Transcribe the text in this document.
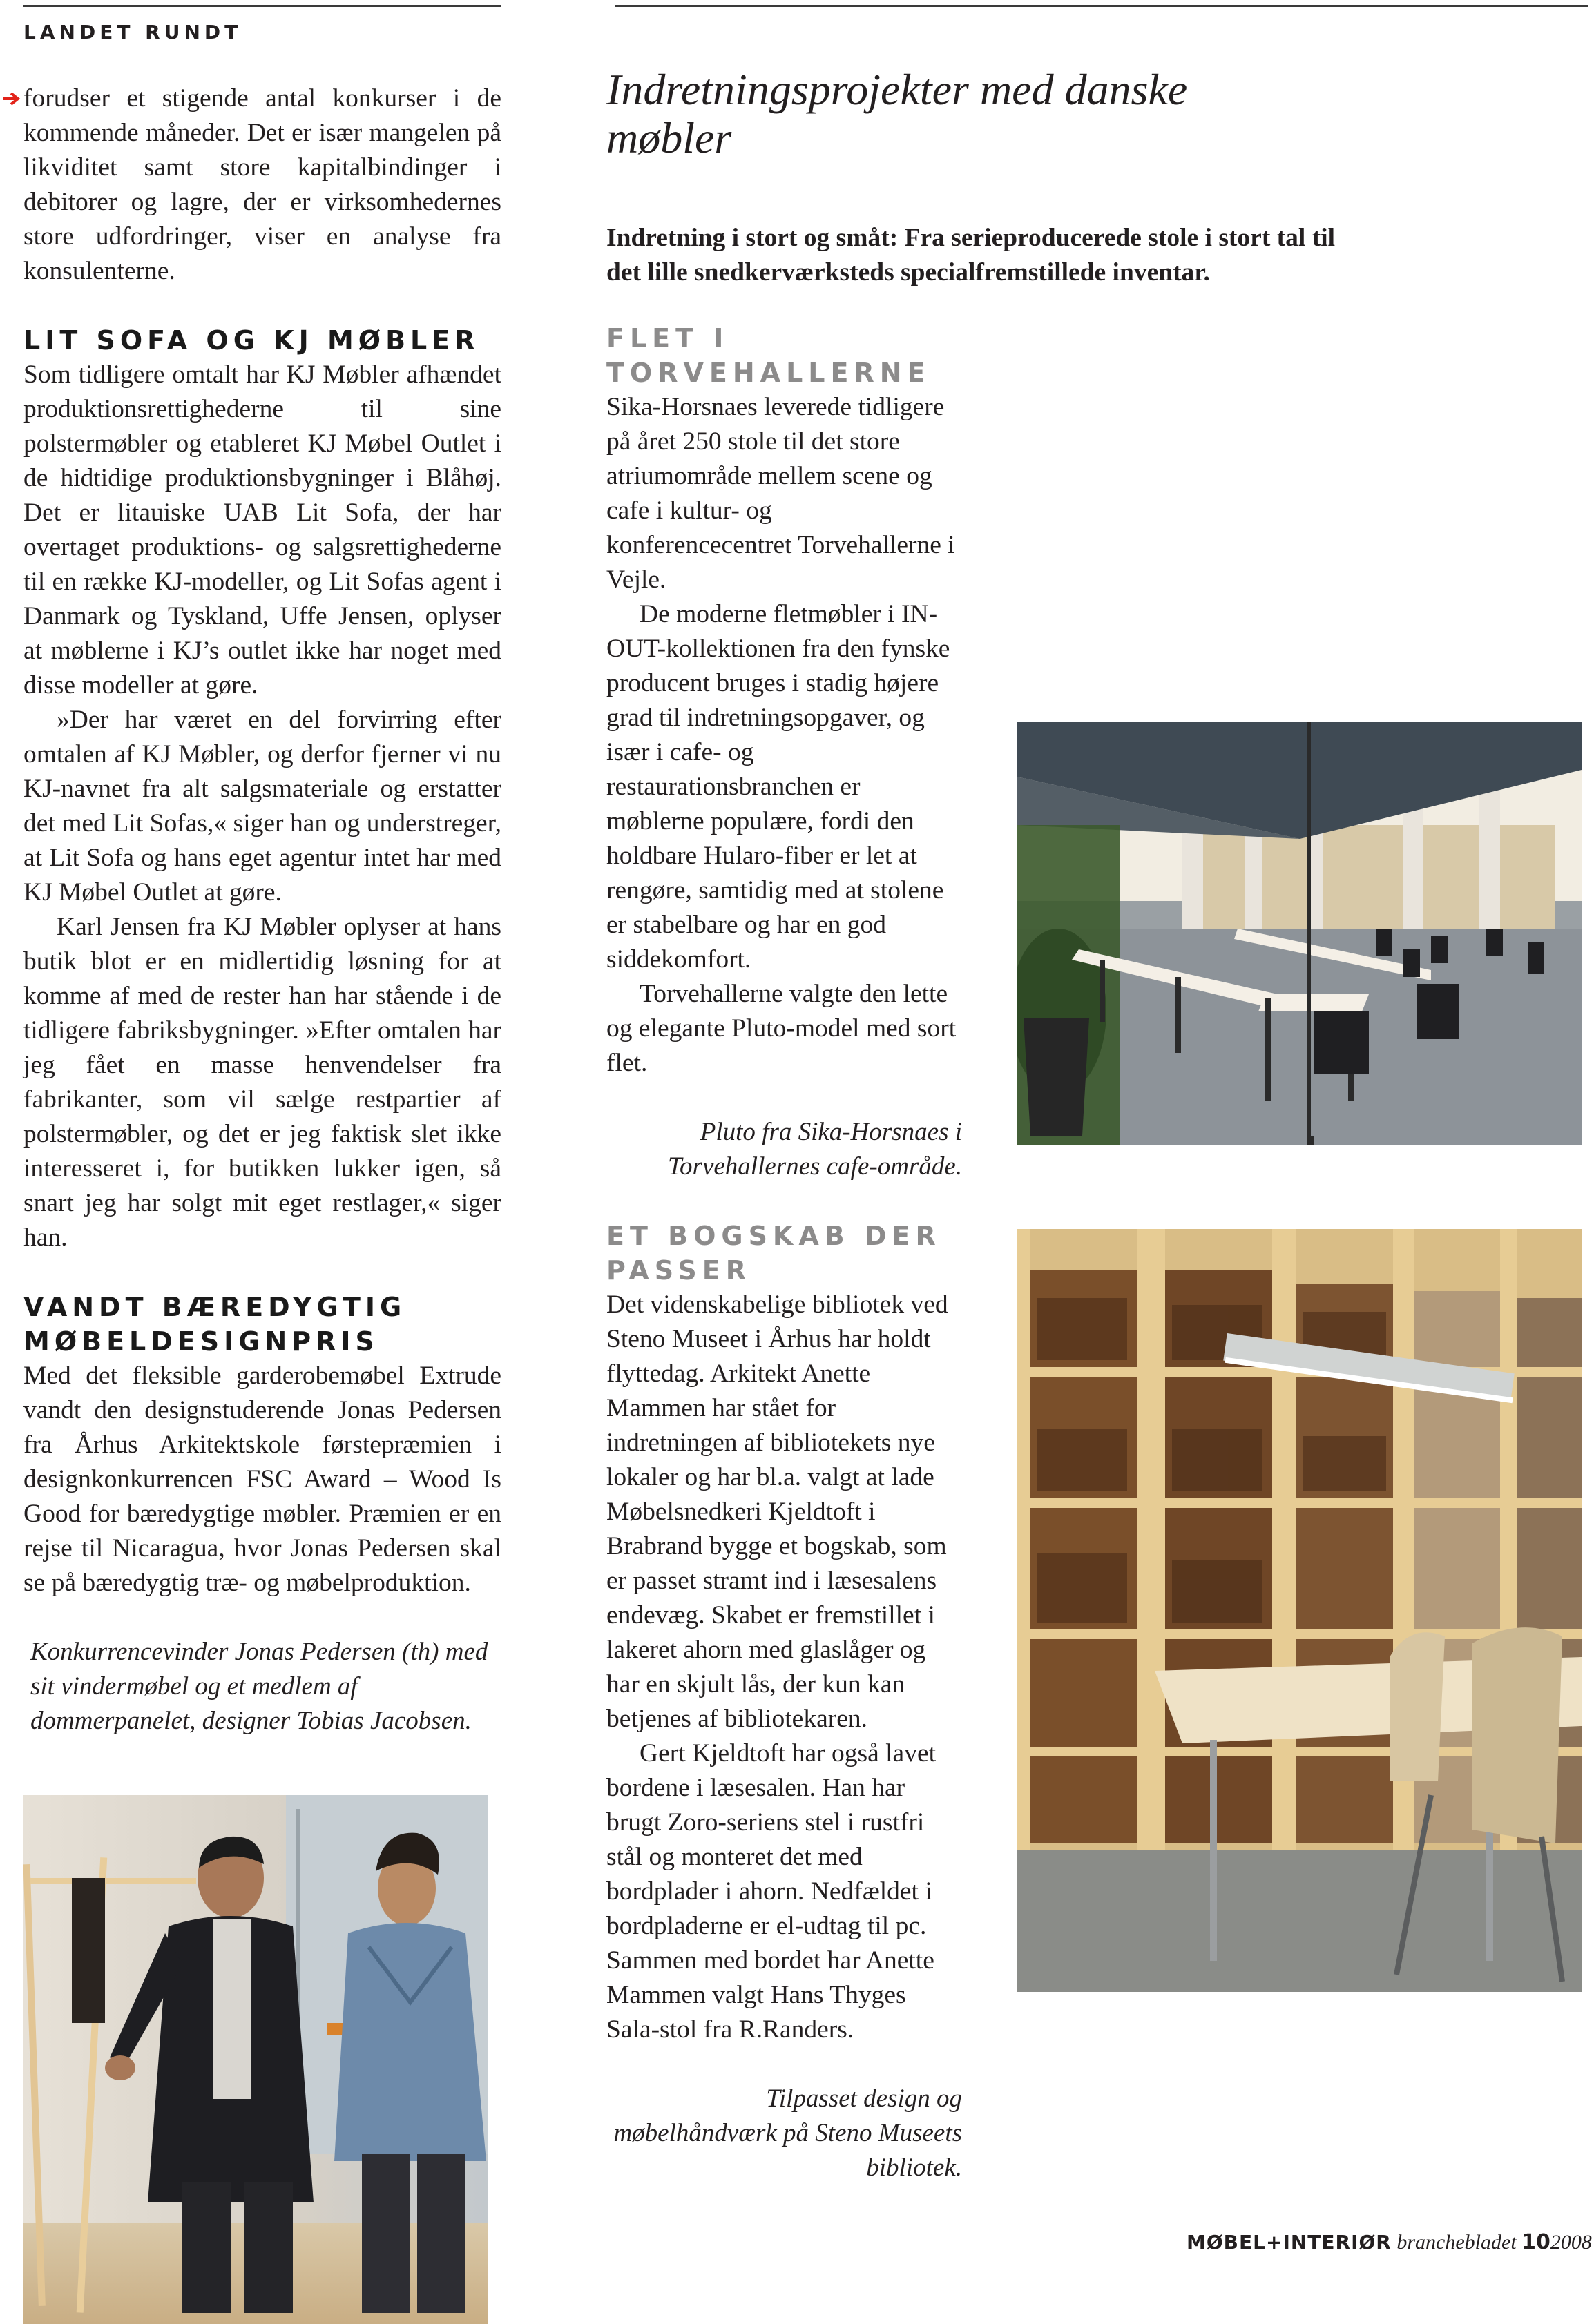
LANDET RUNDT

forudser et stigende antal konkurser i de kommende måneder. Det er især mangelen på likviditet samt store kapitalbindinger i debitorer og lagre, der er virksomhedernes store udfordringer, viser en analyse fra konsulenterne.

LIT SOFA OG KJ MØBLER

Som tidligere omtalt har KJ Møbler afhændet produktionsrettighederne til sine polstermøbler og etableret KJ Møbel Outlet i de hidtidige produktionsbygninger i Blåhøj. Det er litauiske UAB Lit Sofa, der har overtaget produktions- og salgsrettighederne til en række KJ-modeller, og Lit Sofas agent i Danmark og Tyskland, Uffe Jensen, oplyser at møblerne i KJ’s outlet ikke har noget med disse modeller at gøre.

»Der har været en del forvirring efter omtalen af KJ Møbler, og derfor fjerner vi nu KJ-navnet fra alt salgsmateriale og erstatter det med Lit Sofas,« siger han og understreger, at Lit Sofa og hans eget agentur intet har med KJ Møbel Outlet at gøre.

Karl Jensen fra KJ Møbler oplyser at hans butik blot er en midlertidig løsning for at komme af med de rester han har stående i de tidligere fabriksbygninger. »Efter omtalen har jeg fået en masse henvendelser fra fabrikanter, som vil sælge restpartier af polstermøbler, og det er jeg faktisk slet ikke interesseret i, for butikken lukker igen, så snart jeg har solgt mit eget restlager,« siger han.

VANDT BÆREDYGTIG MØBELDESIGNPRIS

Med det fleksible garderobemøbel Extrude vandt den designstuderende Jonas Pedersen fra Århus Arkitektskole førstepræmien i designkonkurrencen FSC Award – Wood Is Good for bæredygtige møbler. Præmien er en rejse til Nicaragua, hvor Jonas Pedersen skal se på bæredygtig træ- og møbelproduktion.

Konkurrencevinder Jonas Pedersen (th) med sit vindermøbel og et medlem af dommerpanelet, designer Tobias Jacobsen.

Indretningsprojekter med danske møbler

Indretning i stort og småt: Fra serieproducerede stole i stort tal til det lille snedkerværksteds specialfremstillede inventar.

FLET I TORVEHALLERNE

Sika-Horsnaes leverede tidligere på året 250 stole til det store atriumområde mellem scene og cafe i kultur- og konferencecentret Torvehallerne i Vejle.

De moderne fletmøbler i IN-OUT-kollektionen fra den fynske producent bruges i stadig højere grad til indretningsopgaver, og især i cafe- og restaurationsbranchen er møblerne populære, fordi den holdbare Hularo-fiber er let at rengøre, samtidig med at stolene er stabelbare og har en god siddekomfort.

Torvehallerne valgte den lette og elegante Pluto-model med sort flet.

Pluto fra Sika-Horsnaes i Torvehallernes cafe-område.

ET BOGSKAB DER PASSER

Det videnskabelige bibliotek ved Steno Museet i Århus har holdt flyttedag. Arkitekt Anette Mammen har stået for indretningen af bibliotekets nye lokaler og har bl.a. valgt at lade Møbelsnedkeri Kjeldtoft i Brabrand bygge et bogskab, som er passet stramt ind i læsesalens endevæg. Skabet er fremstillet i lakeret ahorn med glaslåger og har en skjult lås, der kun kan betjenes af bibliotekaren.

Gert Kjeldtoft har også lavet bordene i læsesalen. Han har brugt Zoro-seriens stel i rustfri stål og monteret det med bordplader i ahorn. Nedfældet i bordpladerne er el-udtag til pc. Sammen med bordet har Anette Mammen valgt Hans Thyges Sala-stol fra R.Randers.

Tilpasset design og møbelhåndværk på Steno Museets bibliotek.

MØBEL+INTERIØR branchebladet 102008
